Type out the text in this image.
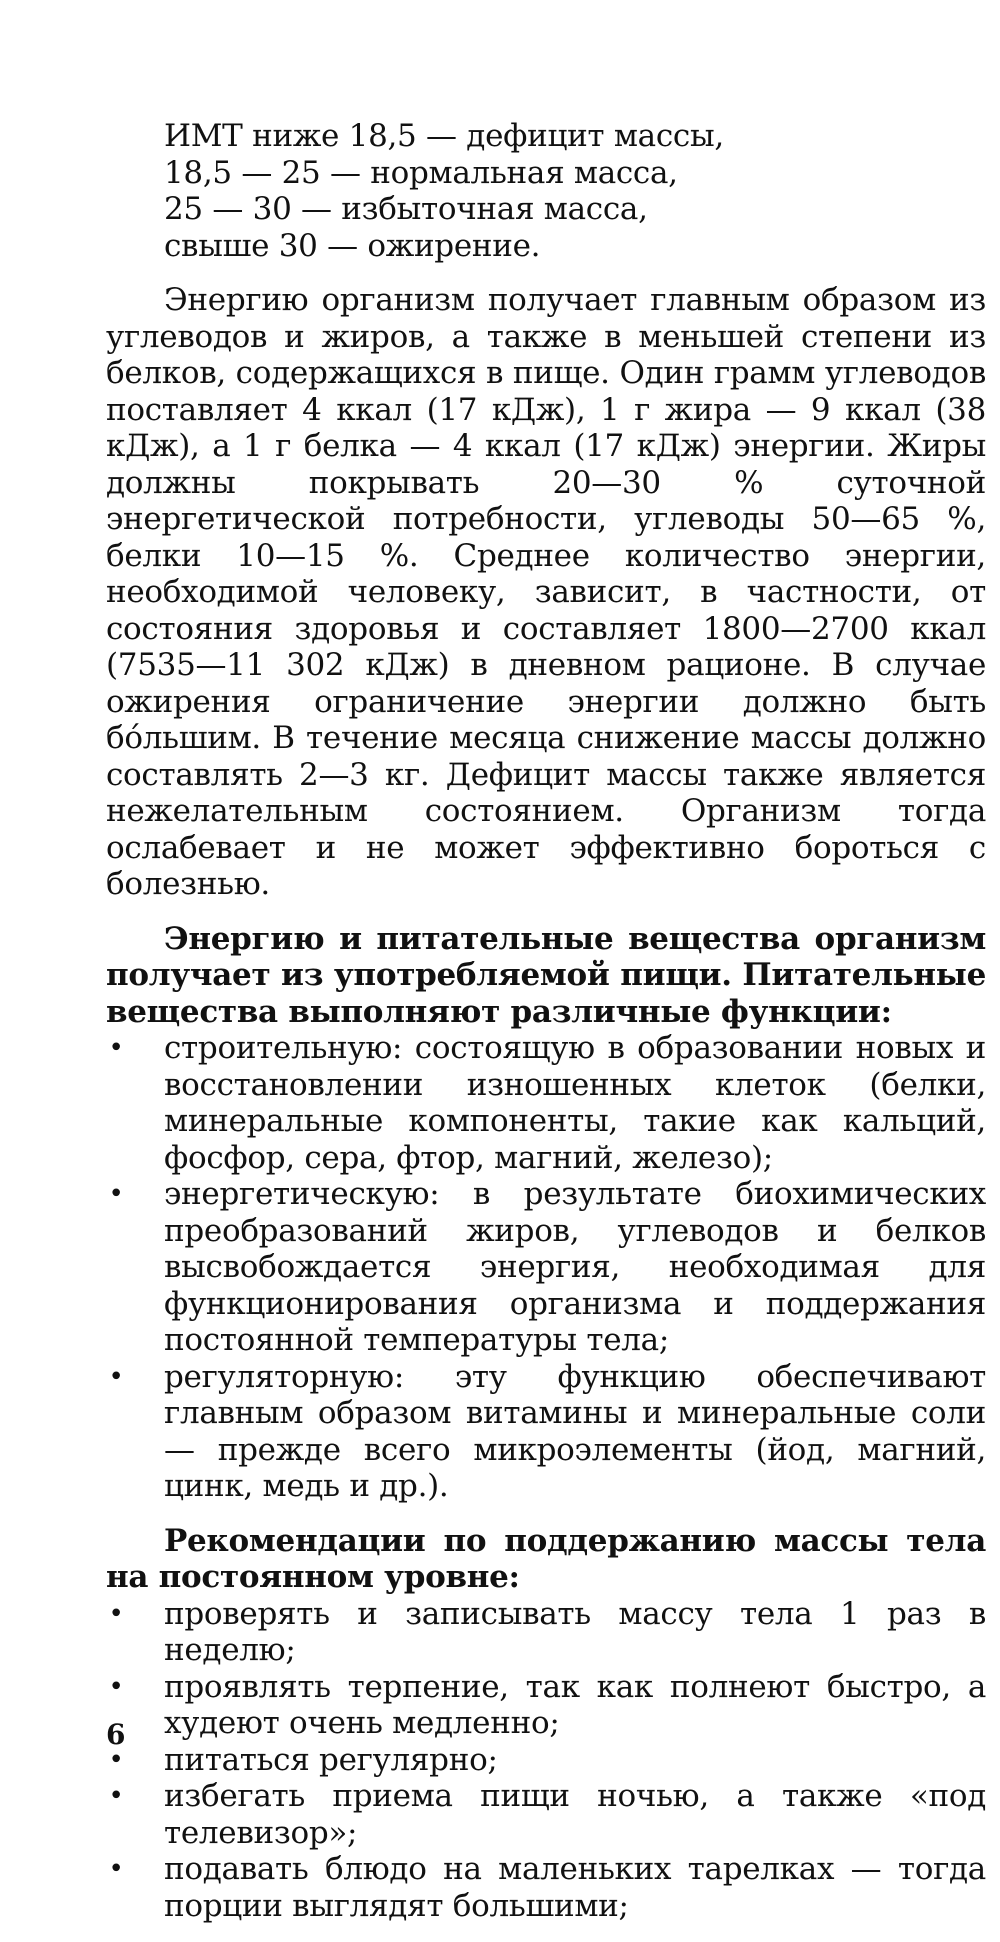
ИМТ ниже 18,5 — дефицит массы,
18,5 — 25 — нормальная масса,
25 — 30 — избыточная масса,
свыше 30 — ожирение.

Энергию организм получает главным образом из углеводов и жиров, а также в меньшей степени из белков, содержащихся в пище. Один грамм углеводов поставляет 4 ккал (17 кДж), 1 г жира — 9 ккал (38 кДж), а 1 г белка — 4 ккал (17 кДж) энергии. Жиры должны покрывать 20—30 % суточной энергетической потребности, углеводы 50—65 %, белки 10—15 %. Среднее количество энергии, необходимой человеку, зависит, в частности, от состояния здоровья и составляет 1800—2700 ккал (7535—11 302 кДж) в дневном рационе. В случае ожирения ограничение энергии должно быть бóльшим. В течение месяца снижение массы должно составлять 2—3 кг. Дефицит массы также является нежелательным состоянием. Организм тогда ослабевает и не может эффективно бороться с болезнью.

Энергию и питательные вещества организм получает из употребляемой пищи. Питательные вещества выполняют различные функции:

• строительную: состоящую в образовании новых и восстановлении изношенных клеток (белки, минеральные компоненты, такие как кальций, фосфор, сера, фтор, магний, железо);
• энергетическую: в результате биохимических преобразований жиров, углеводов и белков высвобождается энергия, необходимая для функционирования организма и поддержания постоянной температуры тела;
• регуляторную: эту функцию обеспечивают главным образом витамины и минеральные соли — прежде всего микроэлементы (йод, магний, цинк, медь и др.).

Рекомендации по поддержанию массы тела на постоянном уровне:

• проверять и записывать массу тела 1 раз в неделю;
• проявлять терпение, так как полнеют быстро, а худеют очень медленно;
• питаться регулярно;
• избегать приема пищи ночью, а также «под телевизор»;
• подавать блюдо на маленьких тарелках — тогда порции выглядят большими;
6
